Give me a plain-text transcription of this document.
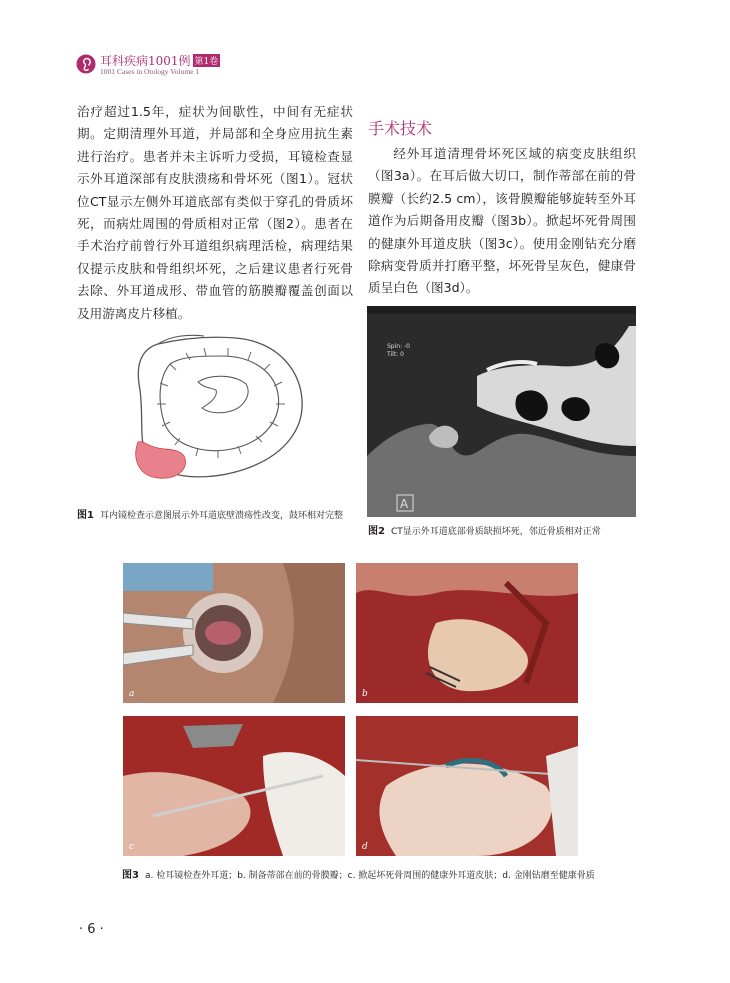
耳科疾病1001例 第1卷
1001 Cases in Otology Volume 1
治疗超过1.5年，症状为间歇性，中间有无症状期。定期清理外耳道，并局部和全身应用抗生素进行治疗。患者并未主诉听力受损，耳镜检查显示外耳道深部有皮肤溃疡和骨坏死（图1）。冠状位CT显示左侧外耳道底部有类似于穿孔的骨质坏死，而病灶周围的骨质相对正常（图2）。患者在手术治疗前曾行外耳道组织病理活检，病理结果仅提示皮肤和骨组织坏死，之后建议患者行死骨去除、外耳道成形、带血管的筋膜瓣覆盖创面以及用游离皮片移植。
手术技术
经外耳道清理骨坏死区域的病变皮肤组织（图3a）。在耳后做大切口，制作蒂部在前的骨膜瓣（长约2.5 cm），该骨膜瓣能够旋转至外耳道作为后期备用皮瓣（图3b）。掀起坏死骨周围的健康外耳道皮肤（图3c）。使用金刚钻充分磨除病变骨质并打磨平整，坏死骨呈灰色，健康骨质呈白色（图3d）。
图1 耳内镜检查示意图展示外耳道底壁溃疡性改变，鼓环相对完整
Spin: -0
Tilt: 0
A
图2 CT显示外耳道底部骨质缺损坏死，邻近骨质相对正常
a	b
c	d
图3 a. 检耳镜检查外耳道；b. 制备蒂部在前的骨膜瓣；c. 掀起坏死骨周围的健康外耳道皮肤；d. 金刚钻磨至健康骨质
· 6 ·
